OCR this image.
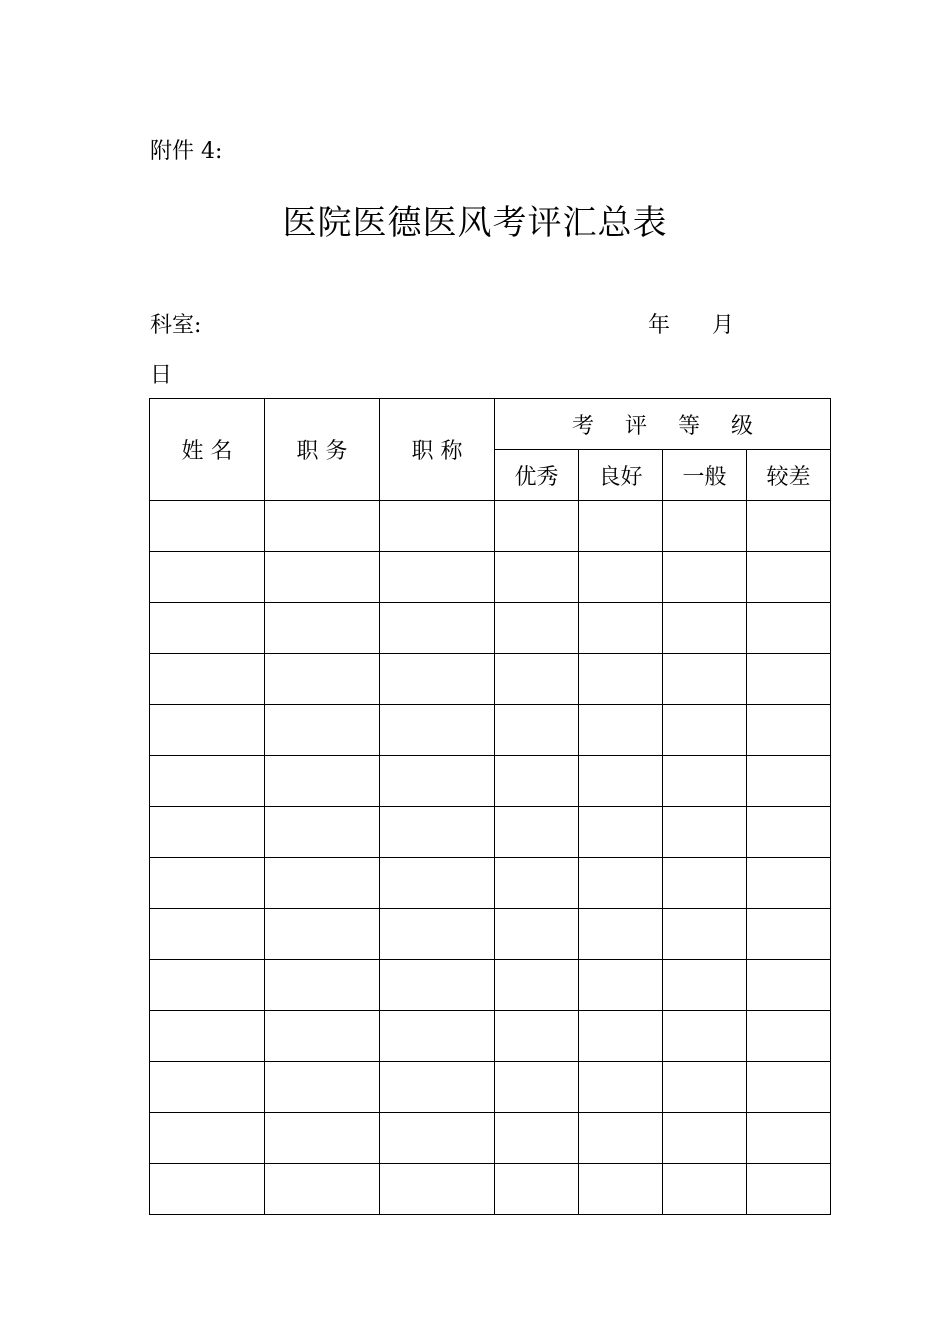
附件 4:
医院医德医风考评汇总表
科室:	年 月
日
姓 名	职 务	职 称	考 评 等 级			
			优秀	良好	一般	较差
